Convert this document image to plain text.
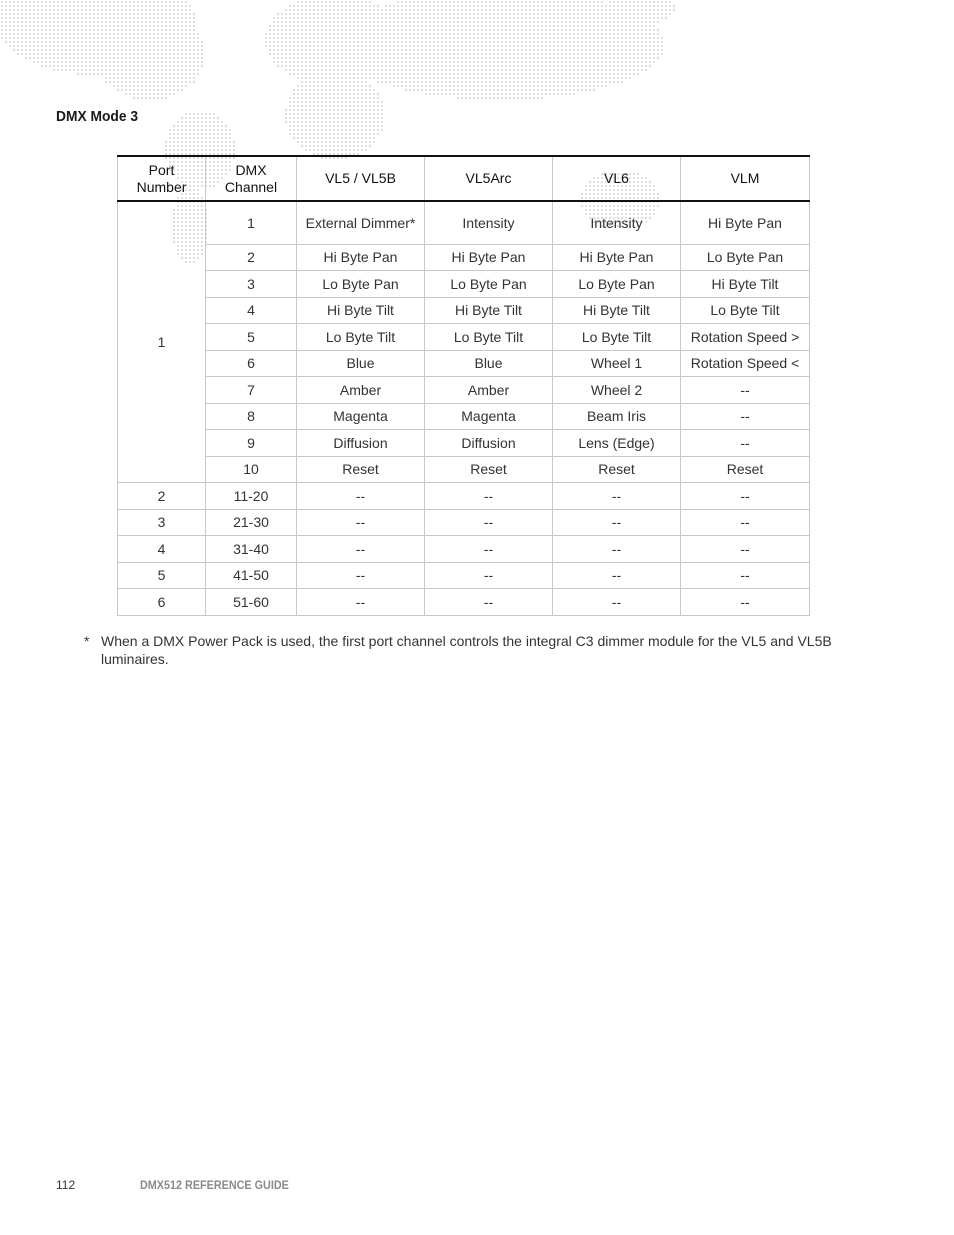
DMX Mode 3
Port Number	DMX Channel	VL5 / VL5B	VL5Arc	VL6	VLM
1	1	External Dimmer*	Intensity	Intensity	Hi Byte Pan
	2	Hi Byte Pan	Hi Byte Pan	Hi Byte Pan	Lo Byte Pan
	3	Lo Byte Pan	Lo Byte Pan	Lo Byte Pan	Hi Byte Tilt
	4	Hi Byte Tilt	Hi Byte Tilt	Hi Byte Tilt	Lo Byte Tilt
	5	Lo Byte Tilt	Lo Byte Tilt	Lo Byte Tilt	Rotation Speed >
	6	Blue	Blue	Wheel 1	Rotation Speed <
	7	Amber	Amber	Wheel 2	--
	8	Magenta	Magenta	Beam Iris	--
	9	Diffusion	Diffusion	Lens (Edge)	--
	10	Reset	Reset	Reset	Reset
2	11-20	--	--	--	--
3	21-30	--	--	--	--
4	31-40	--	--	--	--
5	41-50	--	--	--	--
6	51-60	--	--	--	--
* When a DMX Power Pack is used, the first port channel controls the integral C3 dimmer module for the VL5 and VL5B luminaires.
112	DMX512 REFERENCE GUIDE
